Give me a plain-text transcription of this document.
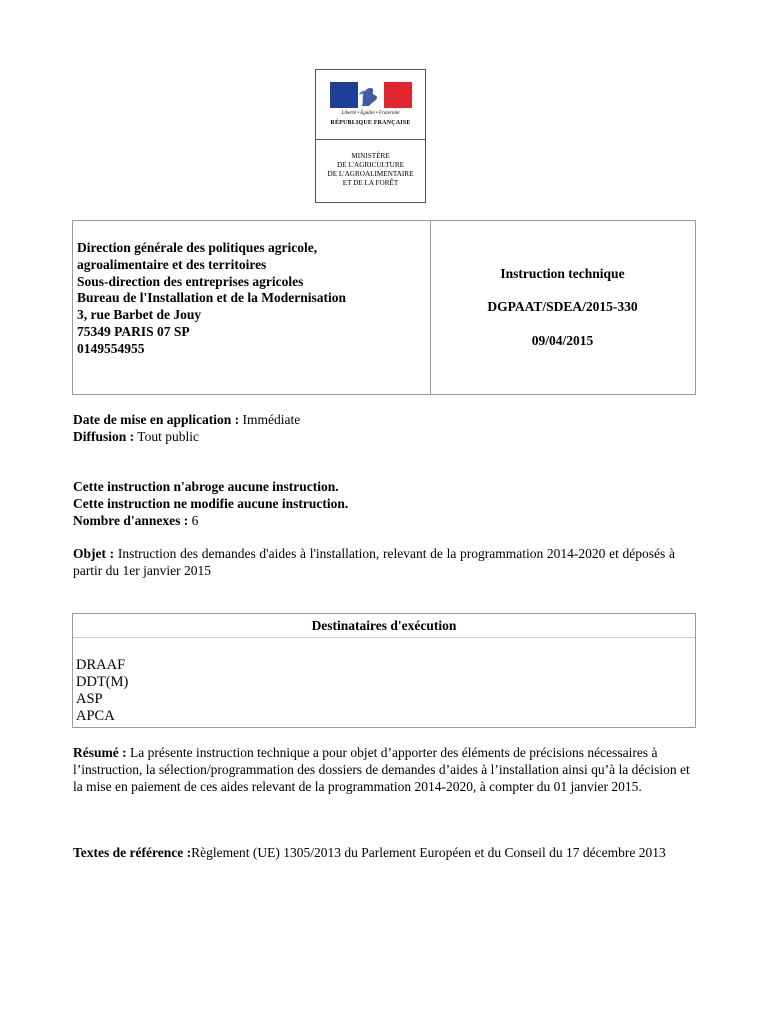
Liberté • Égalité • Fraternité
RÉPUBLIQUE FRANÇAISE
MINISTÈRE
DE L'AGRICULTURE
DE L'AGROALIMENTAIRE
ET DE LA FORÊT
Direction générale des politiques agricole,
agroalimentaire et des territoires
Sous-direction des entreprises agricoles
Bureau de l'Installation et de la Modernisation
3, rue Barbet de Jouy
75349 PARIS 07 SP
0149554955
Instruction technique
DGPAAT/SDEA/2015-330
09/04/2015
Date de mise en application : Immédiate
Diffusion : Tout public
Cette instruction n'abroge aucune instruction.
Cette instruction ne modifie aucune instruction.
Nombre d'annexes : 6
Objet : Instruction des demandes d'aides à l'installation, relevant de la programmation 2014-2020 et déposés à partir du 1er janvier 2015
Destinataires d'exécution
DRAAF
DDT(M)
ASP
APCA
Résumé : La présente instruction technique a pour objet d’apporter des éléments de précisions nécessaires à l’instruction, la sélection/programmation des dossiers de demandes d’aides à l’installation ainsi qu’à la décision et la mise en paiement de ces aides relevant de la programmation 2014-2020, à compter du 01 janvier 2015.
Textes de référence :Règlement (UE) 1305/2013 du Parlement Européen et du Conseil du 17 décembre 2013
